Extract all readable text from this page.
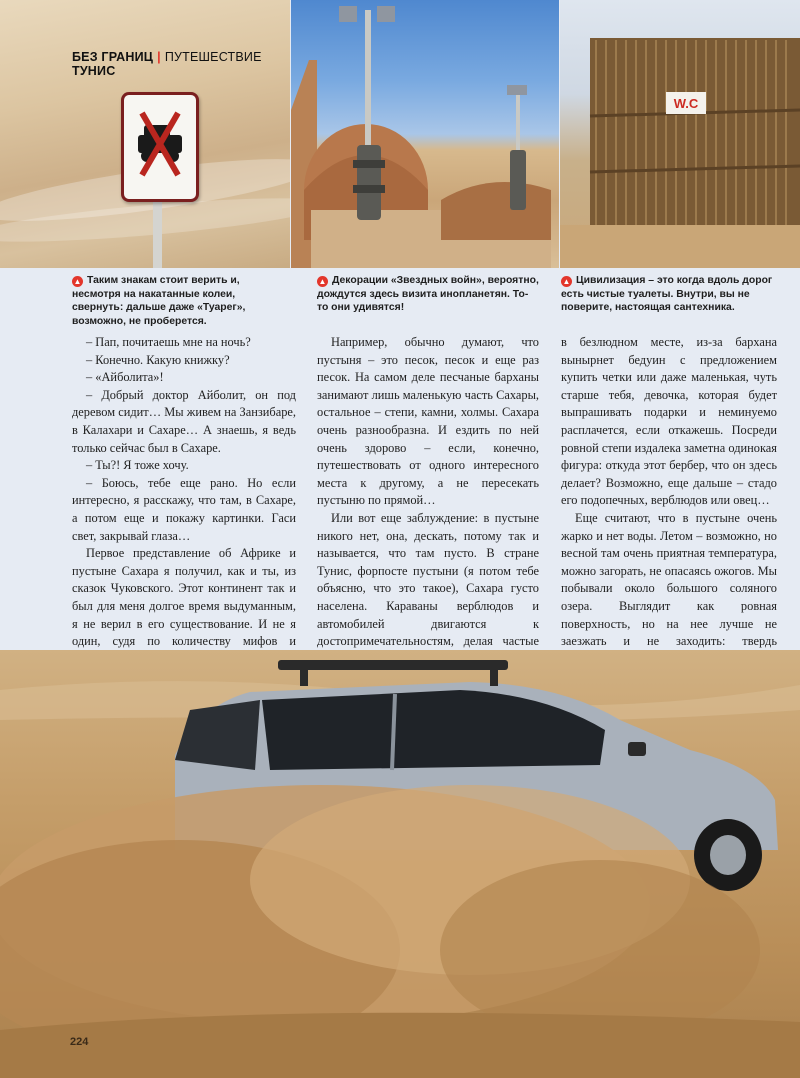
БЕЗ ГРАНИЦ | ПУТЕШЕСТВИЕ ТУНИС
W.C
▲ Таким знакам стоит верить и, несмотря на накатанные колеи, свернуть: дальше даже «Туарег», возможно, не проберется.
▲ Декорации «Звездных войн», вероятно, дождутся здесь визита инопланетян. То-то они удивятся!
▲ Цивилизация – это когда вдоль дорог есть чистые туалеты. Внутри, вы не поверите, настоящая сантехника.

– Пап, почитаешь мне на ночь?

– Конечно. Какую книжку?

– «Айболита»!

– Добрый доктор Айболит, он под деревом сидит… Мы живем на Занзибаре, в Калахари и Сахаре… А знаешь, я ведь только сейчас был в Сахаре.

– Ты?! Я тоже хочу.

– Боюсь, тебе еще рано. Но если интересно, я расскажу, что там, в Сахаре, а потом еще и покажу картинки. Гаси свет, закрывай глаза…

Первое представление об Африке и пустыне Сахара я получил, как и ты, из сказок Чуковского. Этот континент так и был для меня долгое время выдуманным, я не верил в его существование. И не я один, судя по количеству мифов и

Например, обычно думают, что пустыня – это песок, песок и еще раз песок. На самом деле песчаные барханы занимают лишь маленькую часть Сахары, остальное – степи, камни, холмы. Сахара очень разнообразна. И ездить по ней очень здорово – если, конечно, путешествовать от одного интересного места к другому, а не пересекать пустыню по прямой…

Или вот еще заблуждение: в пустыне никого нет, она, дескать, потому так и называется, что там пусто. В стране Тунис, форпосте пустыни (я потом тебе объясню, что это такое), Сахара густо населена. Караваны верблюдов и автомобилей двигаются к достопримечательностям, делая частые

в безлюдном месте, из-за бархана вынырнет бедуин с предложением купить четки или даже маленькая, чуть старше тебя, девочка, которая будет выпрашивать подарки и неминуемо расплачется, если откажешь. Посреди ровной степи издалека заметна одинокая фигура: откуда этот бербер, что он здесь делает? Возможно, еще дальше – стадо его подопечных, верблюдов или овец…

Еще считают, что в пустыне очень жарко и нет воды. Летом – возможно, но весной там очень приятная температура, можно загорать, не опасаясь ожогов. Мы побывали около большого соляного озера. Выглядит как ровная поверхность, но на нее лучше не заезжать и не заходить: твердь

224
